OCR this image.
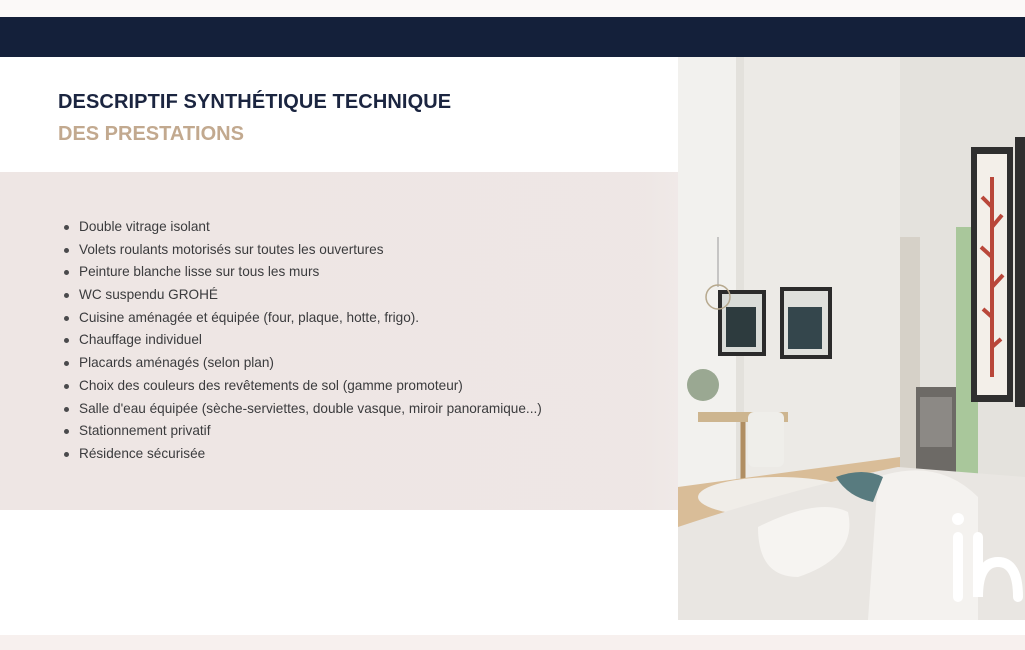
DESCRIPTIF SYNTHÉTIQUE TECHNIQUE
DES PRESTATIONS
Double vitrage isolant
Volets roulants motorisés sur toutes les ouvertures
Peinture blanche lisse sur tous les murs
WC suspendu GROHÉ
Cuisine aménagée et équipée (four, plaque, hotte, frigo).
Chauffage individuel
Placards aménagés (selon plan)
Choix des couleurs des revêtements de sol (gamme promoteur)
Salle d'eau équipée (sèche-serviettes, double vasque, miroir panoramique...)
Stationnement privatif
Résidence sécurisée
